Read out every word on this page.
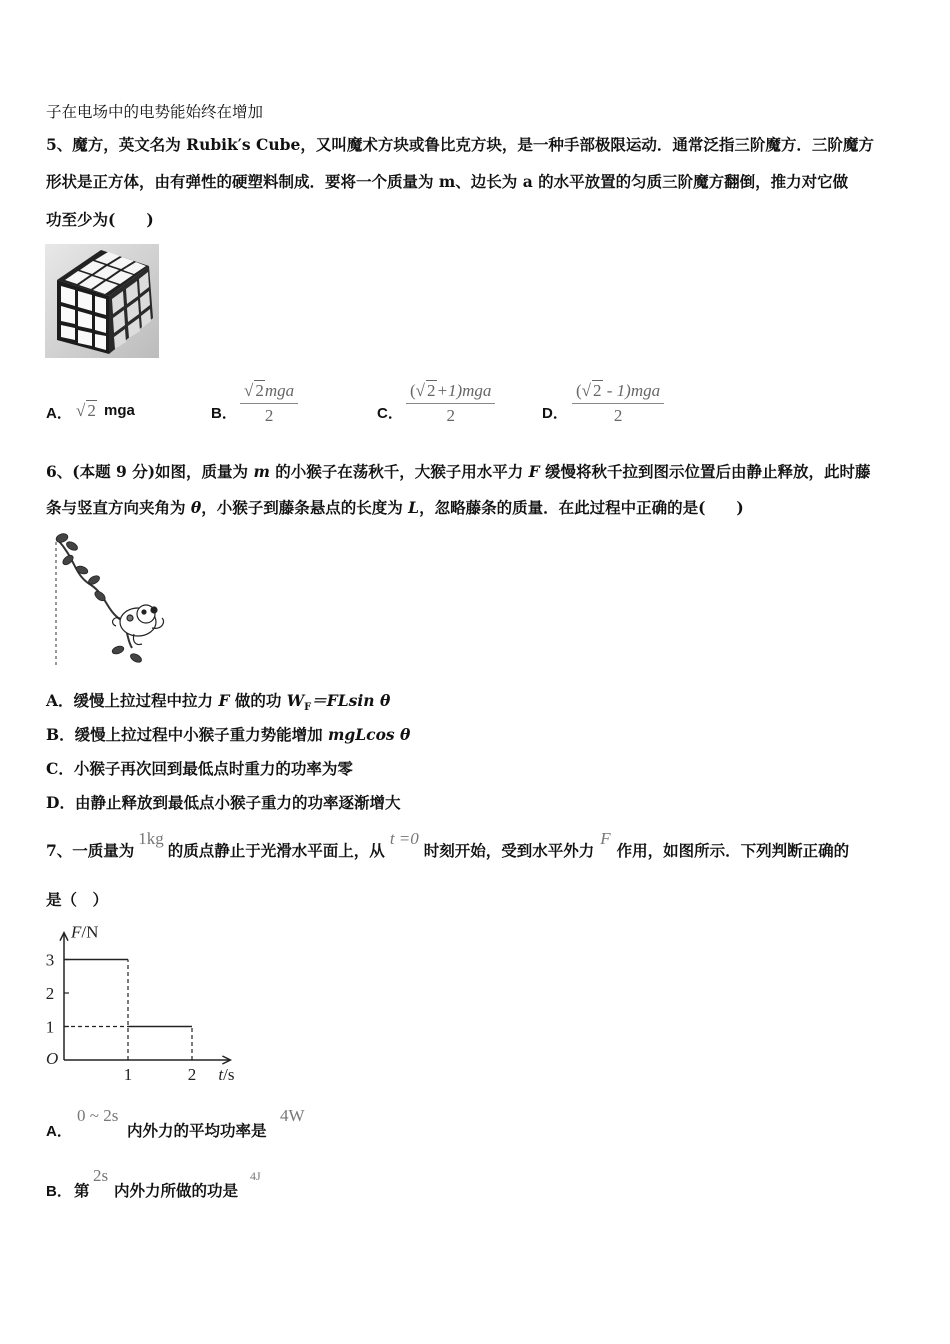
子在电场中的电势能始终在增加
5、魔方，英文名为 Rubik′s Cube，又叫魔术方块或鲁比克方块，是一种手部极限运动．通常泛指三阶魔方．三阶魔方
形状是正方体，由有弹性的硬塑料制成．要将一个质量为 m、边长为 a 的水平放置的匀质三阶魔方翻倒，推力对它做
功至少为(　　)
A． √ 2 mga	B．
√ 2mga
2	C．
(√ 2+1)mga
2	D．
(√ 2 - 1)mga
2
6、(本题 9 分)如图，质量为 m 的小猴子在荡秋千，大猴子用水平力 F 缓慢将秋千拉到图示位置后由静止释放，此时藤
条与竖直方向夹角为 θ，小猴子到藤条悬点的长度为 L，忽略藤条的质量．在此过程中正确的是(　　)
A．缓慢上拉过程中拉力 F 做的功 $W_F=FLsin$ θ
B．缓慢上拉过程中小猴子重力势能增加 mgLcos θ
C．小猴子再次回到最低点时重力的功率为零
D．由静止释放到最低点小猴子重力的功率逐渐增大
7、一质量为1kg的质点静止于光滑水平面上，从t =0时刻开始，受到水平外力F作用，如图所示．下列判断正确的
是（　）
1
2
3
1	2
O
F/N
t/s
A．
0 ~ 2s
内外力的平均功率是
4W
B． 第
2s
内外力所做的功是
4J
